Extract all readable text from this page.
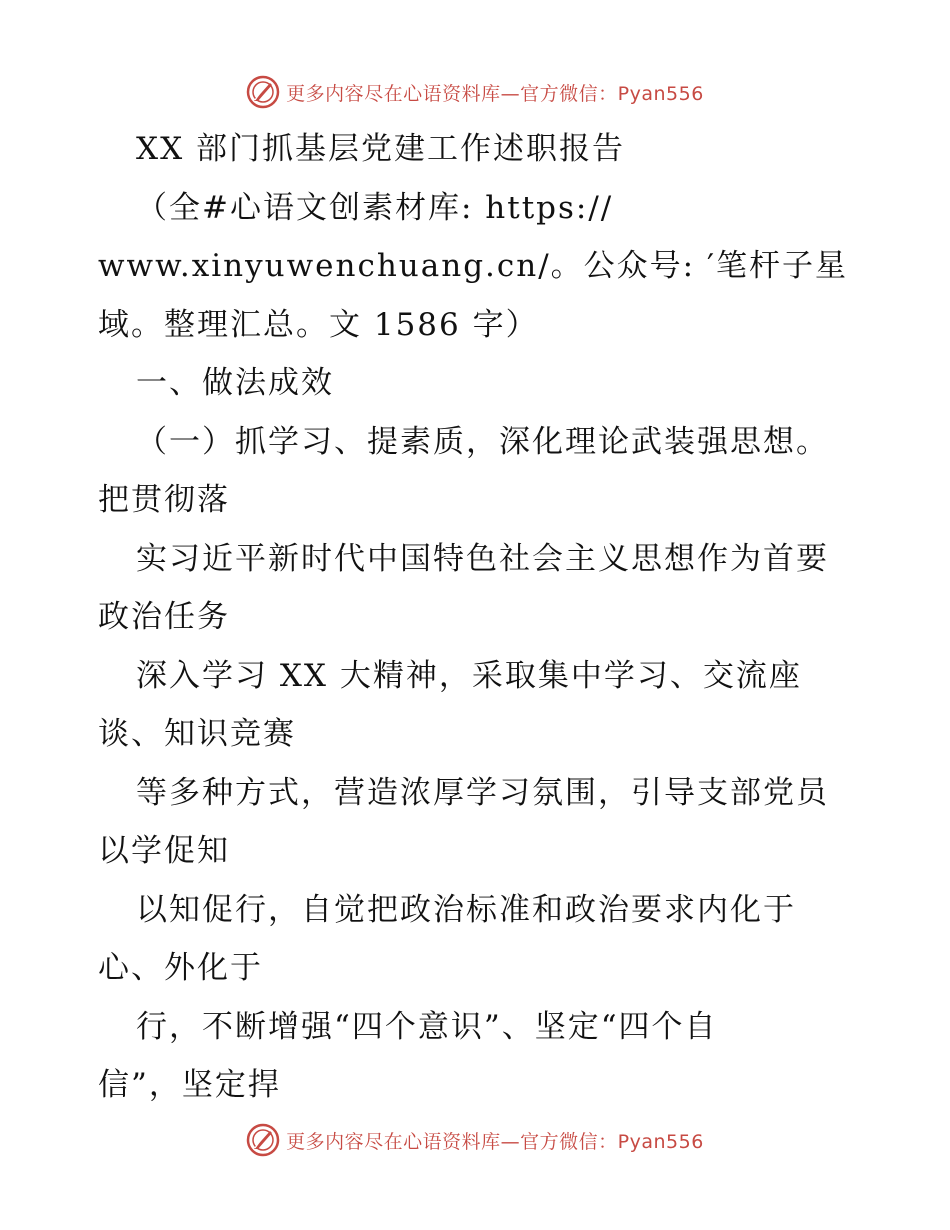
更多内容尽在心语资料库—官方微信：Pyan556
XX 部门抓基层党建工作述职报告
（全#心语文创素材库: https://
www.xinyuwenchuang.cn/。公众号: ′笔杆子星
域。整理汇总。文 1586 字）
一、做法成效
（一）抓学习、提素质，深化理论武装强思想。
把贯彻落
实习近平新时代中国特色社会主义思想作为首要
政治任务
深入学习 XX 大精神，采取集中学习、交流座
谈、知识竞赛
等多种方式，营造浓厚学习氛围，引导支部党员
以学促知
以知促行，自觉把政治标准和政治要求内化于
心、外化于
行，不断增强“四个意识”、坚定“四个自
信”，坚定捍
更多内容尽在心语资料库—官方微信：Pyan556
